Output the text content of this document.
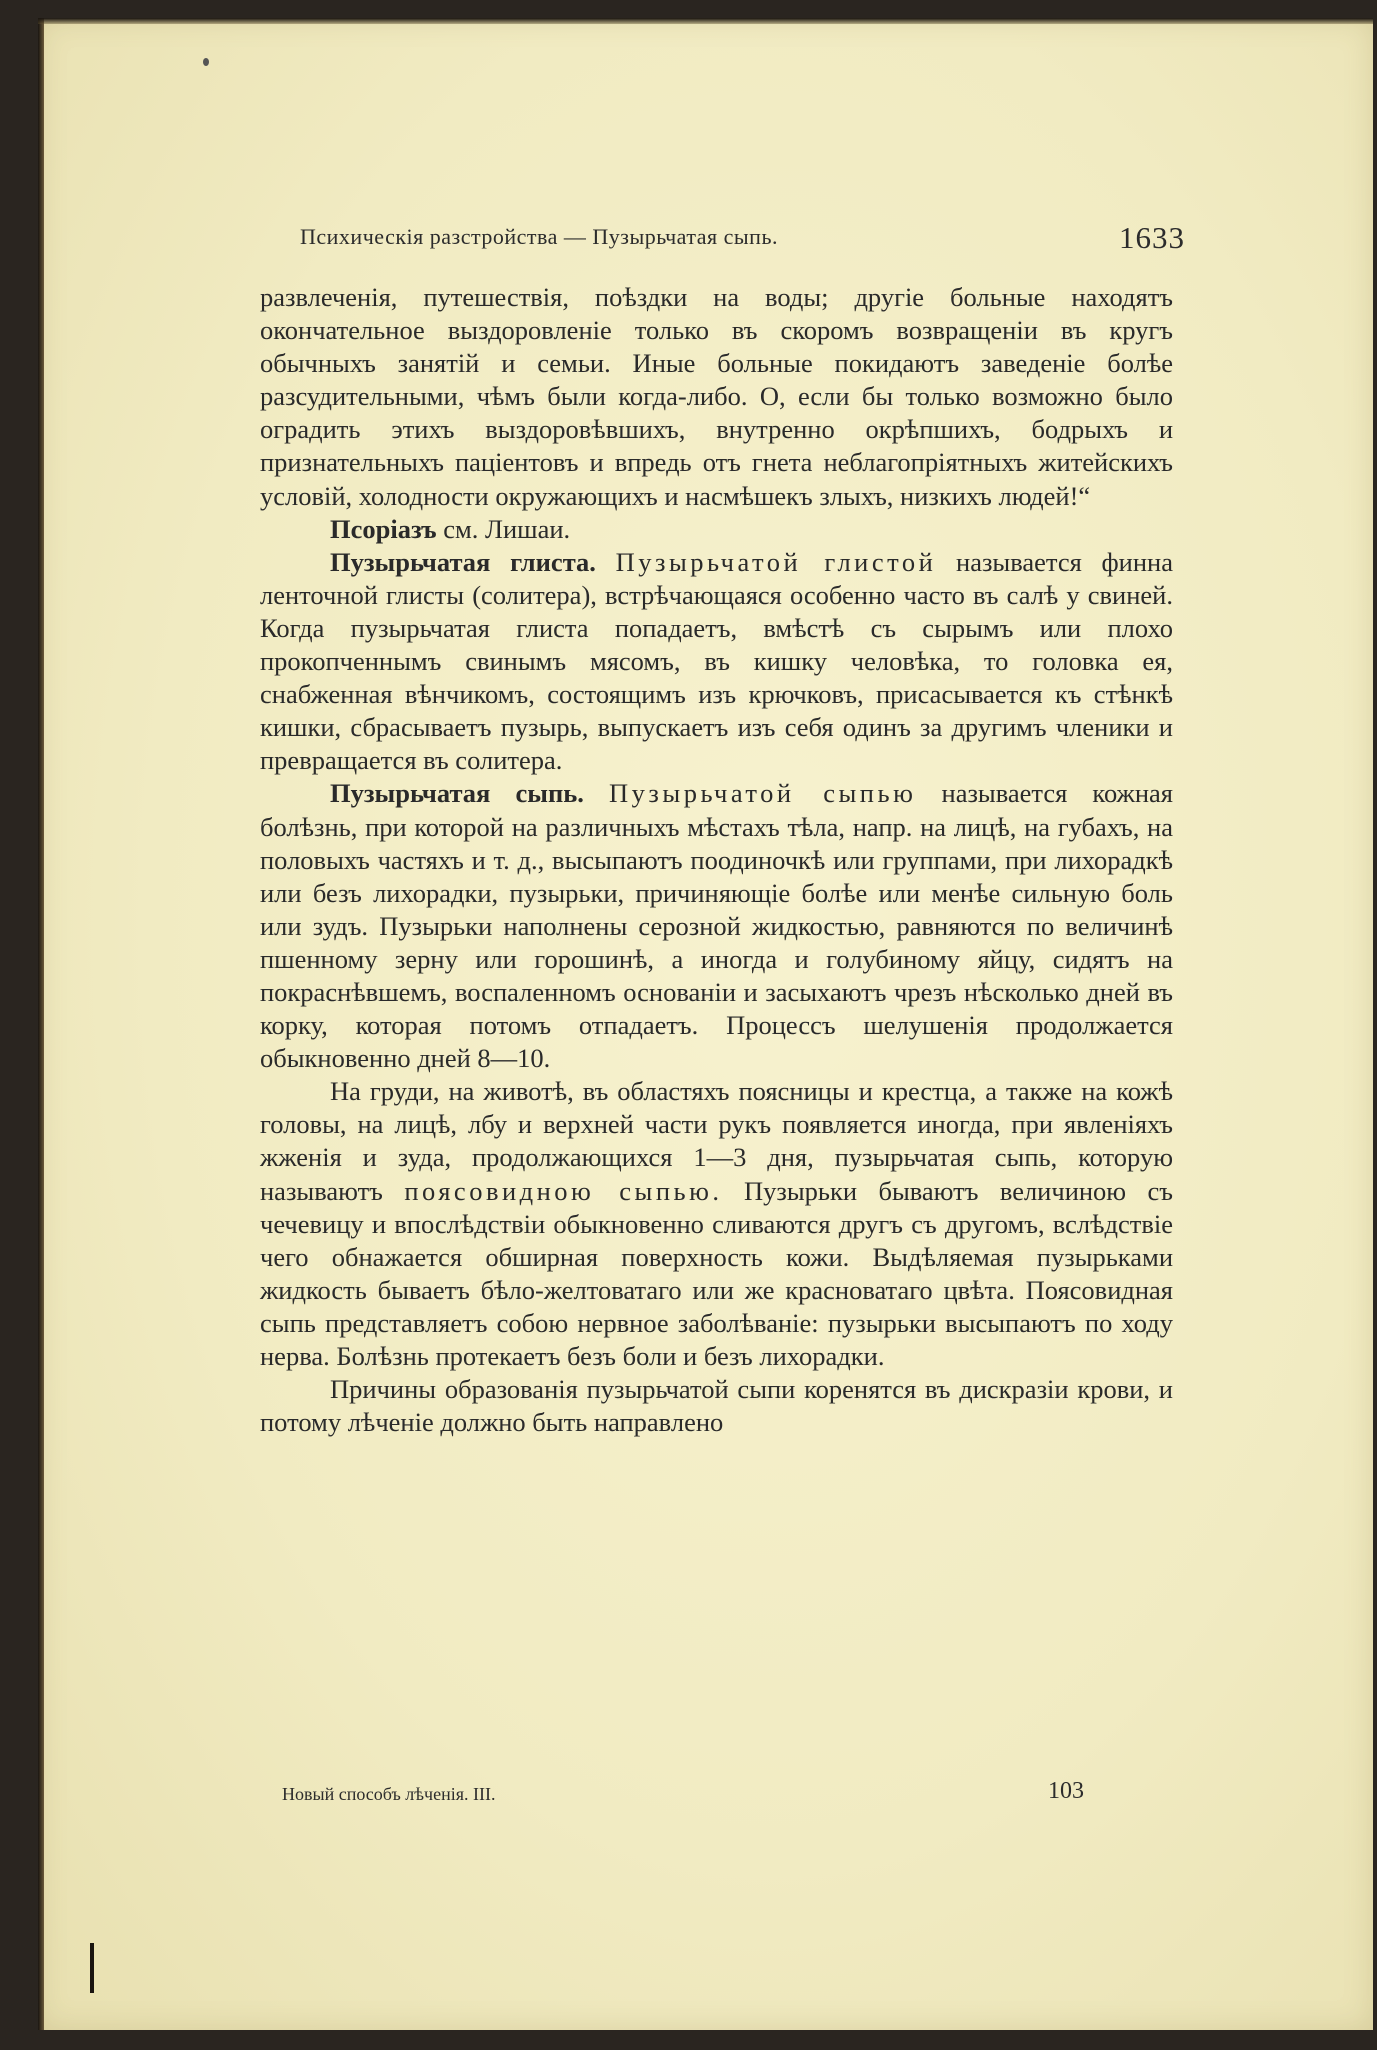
Психическія разстройства — Пузырьчатая сыпь.	1633

развлеченія, путешествія, поѣздки на воды; другіе больные находятъ окончательное выздоровленіе только въ скоромъ возвращеніи въ кругъ обычныхъ занятій и семьи. Иные больные покидаютъ заведеніе болѣе разсудительными, чѣмъ были когда-либо. О, если бы только возможно было оградить этихъ выздоровѣвшихъ, внутренно окрѣпшихъ, бодрыхъ и признательныхъ паціентовъ и впредь отъ гнета неблагопріятныхъ житейскихъ условій, холодности окружающихъ и насмѣшекъ злыхъ, низкихъ людей!“

Псоріазъ см. Лишаи.

Пузырьчатая глиста. Пузырьчатой глистой называется финна ленточной глисты (солитера), встрѣчающаяся особенно часто въ салѣ у свиней. Когда пузырьчатая глиста попадаетъ, вмѣстѣ съ сырымъ или плохо прокопченнымъ свинымъ мясомъ, въ кишку человѣка, то головка ея, снабженная вѣнчикомъ, состоящимъ изъ крючковъ, присасывается къ стѣнкѣ кишки, сбрасываетъ пузырь, выпускаетъ изъ себя одинъ за другимъ членики и превращается въ солитера.

Пузырьчатая сыпь. Пузырьчатой сыпью называется кожная болѣзнь, при которой на различныхъ мѣстахъ тѣла, напр. на лицѣ, на губахъ, на половыхъ частяхъ и т. д., высыпаютъ поодиночкѣ или группами, при лихорадкѣ или безъ лихорадки, пузырьки, причиняющіе болѣе или менѣе сильную боль или зудъ. Пузырьки наполнены серозной жидкостью, равняются по величинѣ пшенному зерну или горошинѣ, а иногда и голубиному яйцу, сидятъ на покраснѣвшемъ, воспаленномъ основаніи и засыхаютъ чрезъ нѣсколько дней въ корку, которая потомъ отпадаетъ. Процессъ шелушенія продолжается обыкновенно дней 8—10.

На груди, на животѣ, въ областяхъ поясницы и крестца, а также на кожѣ головы, на лицѣ, лбу и верхней части рукъ появляется иногда, при явленіяхъ жженія и зуда, продолжающихся 1—3 дня, пузырьчатая сыпь, которую называютъ поясовидною сыпью. Пузырьки бываютъ величиною съ чечевицу и впослѣдствіи обыкновенно сливаются другъ съ другомъ, вслѣдствіе чего обнажается обширная поверхность кожи. Выдѣляемая пузырьками жидкость бываетъ бѣло-желтоватаго или же красноватаго цвѣта. Поясовидная сыпь представляетъ собою нервное заболѣваніе: пузырьки высыпаютъ по ходу нерва. Болѣзнь протекаетъ безъ боли и безъ лихорадки.

Причины образованія пузырьчатой сыпи коренятся въ дискразіи крови, и потому лѣченіе должно быть направлено

Новый способъ лѣченія. III.	103
